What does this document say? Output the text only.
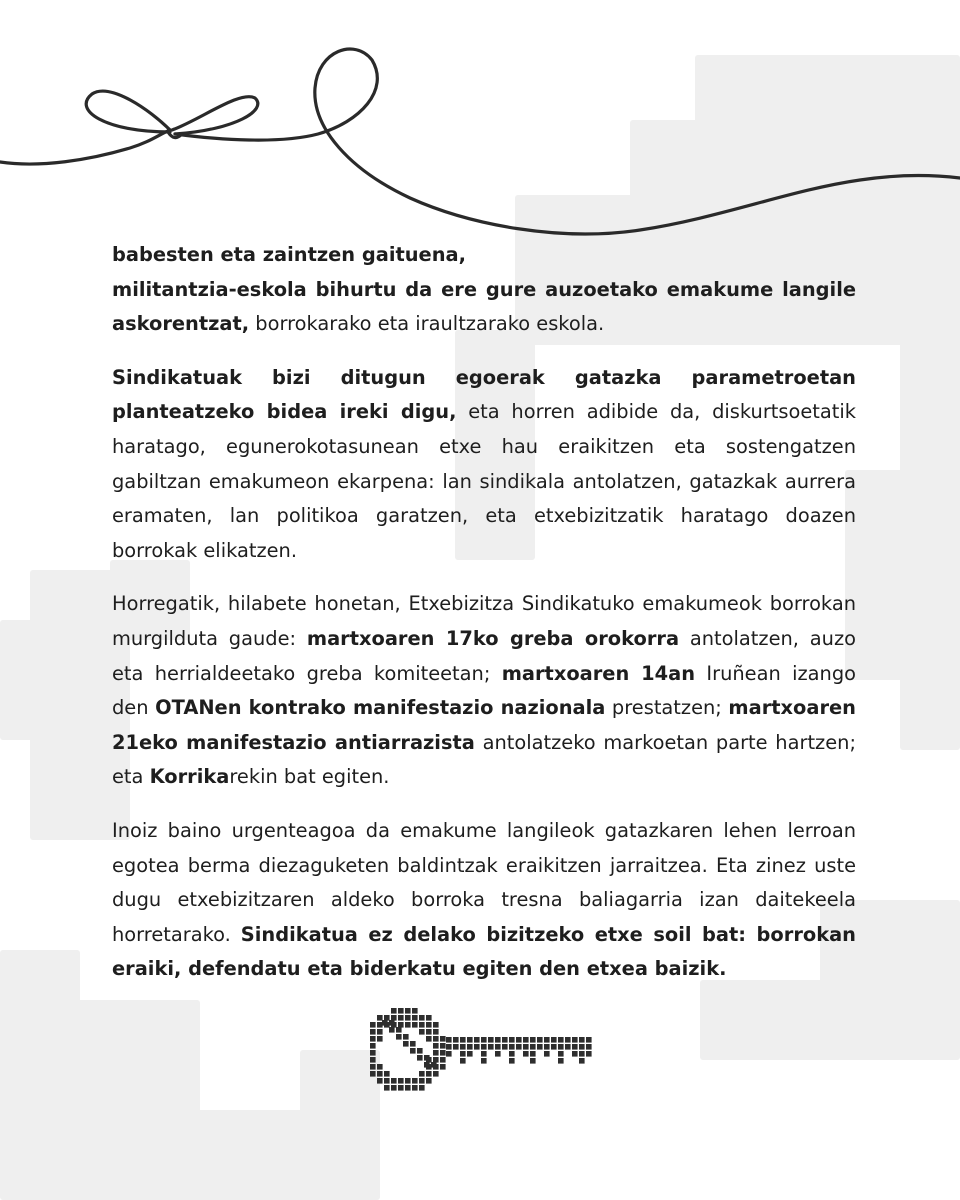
babesten eta zaintzen gaituena,
militantzia-eskola bihurtu da ere gure auzoetako emakume langile askorentzat, borrokarako eta iraultzarako eskola.

Sindikatuak bizi ditugun egoerak gatazka parametroetan planteatzeko bidea ireki digu, eta horren adibide da, diskurtsoetatik haratago, egunerokotasunean etxe hau eraikitzen eta sostengatzen gabiltzan emakumeon ekarpena: lan sindikala antolatzen, gatazkak aurrera eramaten, lan politikoa garatzen, eta etxebizitzatik haratago doazen borrokak elikatzen.

Horregatik, hilabete honetan, Etxebizitza Sindikatuko emakumeok borrokan murgilduta gaude: martxoaren 17ko greba orokorra antolatzen, auzo eta herrialdeetako greba komiteetan; martxoaren 14an Iruñean izango den OTANen kontrako manifestazio nazionala prestatzen; martxoaren 21eko manifestazio antiarrazista antolatzeko markoetan parte hartzen; eta Korrikarekin bat egiten.

Inoiz baino urgenteagoa da emakume langileok gatazkaren lehen lerroan egotea berma diezaguketen baldintzak eraikitzen jarraitzea. Eta zinez uste dugu etxebizitzaren aldeko borroka tresna baliagarria izan daitekeela horretarako. Sindikatua ez delako bizitzeko etxe soil bat: borrokan eraiki, defendatu eta biderkatu egiten den etxea baizik.
